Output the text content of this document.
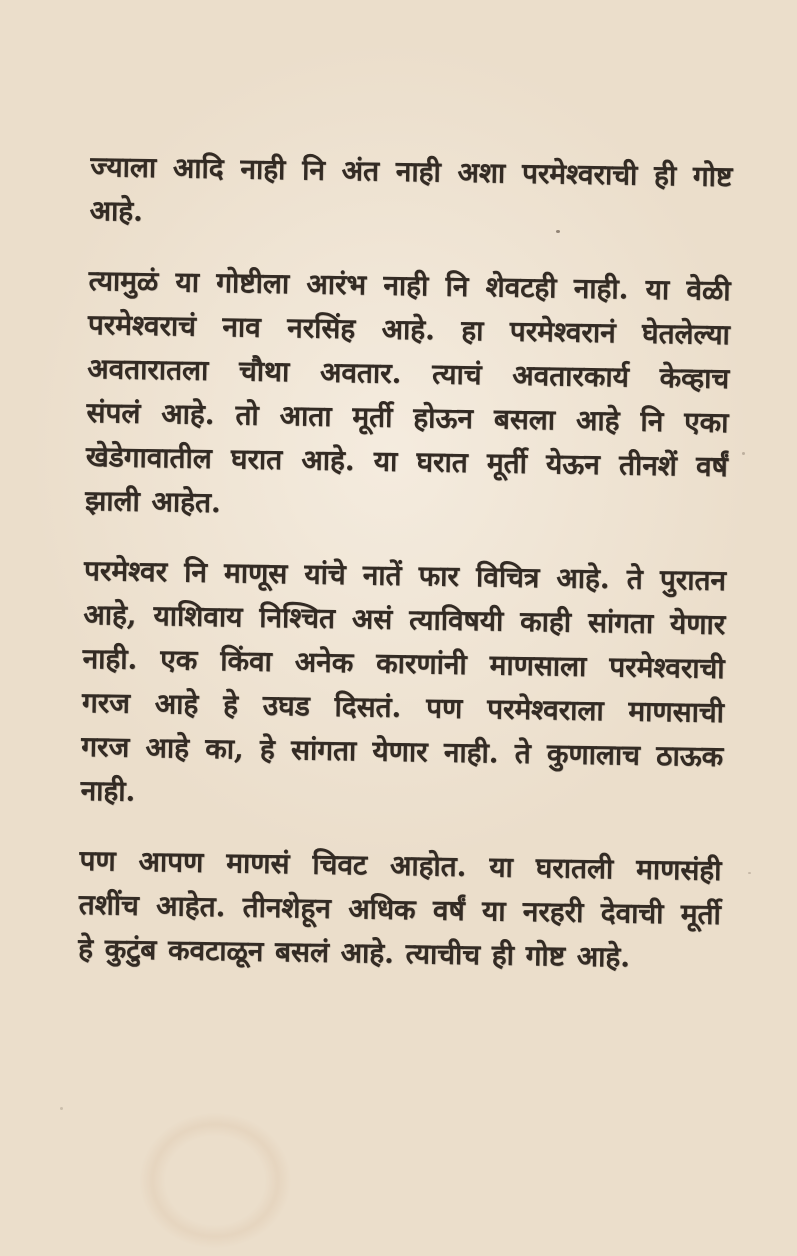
ज्याला आदि नाही नि अंत नाही अशा परमेश्वराची ही गोष्ट
आहे.

त्यामुळं या गोष्टीला आरंभ नाही नि शेवटही नाही. या वेळी
परमेश्वराचं नाव नरसिंह आहे. हा परमेश्वरानं घेतलेल्या
अवतारातला चौथा अवतार. त्याचं अवतारकार्य केव्हाच
संपलं आहे. तो आता मूर्ती होऊन बसला आहे नि एका
खेडेगावातील घरात आहे. या घरात मूर्ती येऊन तीनशें वर्षं
झाली आहेत.

परमेश्वर नि माणूस यांचे नातें फार विचित्र आहे. ते पुरातन
आहे, याशिवाय निश्चित असं त्याविषयी काही सांगता येणार
नाही. एक किंवा अनेक कारणांनी माणसाला परमेश्वराची
गरज आहे हे उघड दिसतं. पण परमेश्वराला माणसाची
गरज आहे का, हे सांगता येणार नाही. ते कुणालाच ठाऊक
नाही.

पण आपण माणसं चिवट आहोत. या घरातली माणसंही
तशींच आहेत. तीनशेहून अधिक वर्षं या नरहरी देवाची मूर्ती
हे कुटुंब कवटाळून बसलं आहे. त्याचीच ही गोष्ट आहे.
